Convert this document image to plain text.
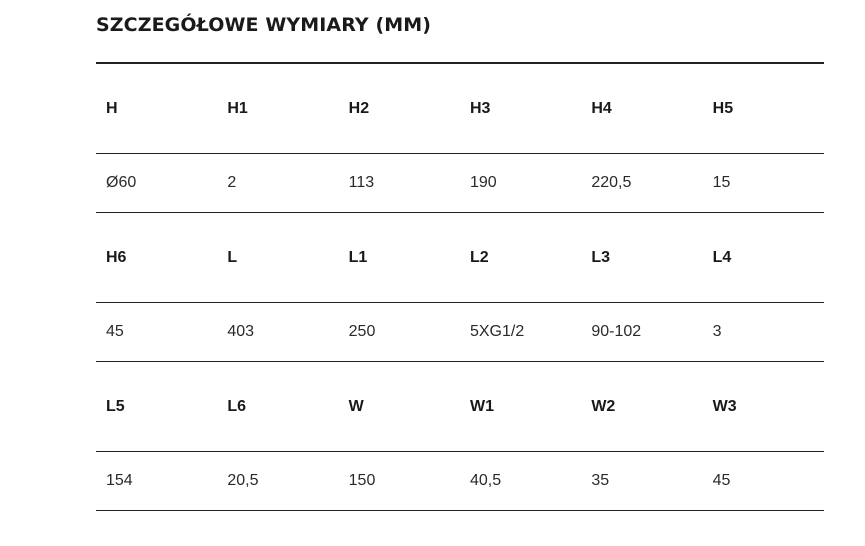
SZCZEGÓŁOWE WYMIARY (MM)
H	H1	H2	H3	H4	H5
Ø60	2	113	190	220,5	15
H6	L	L1	L2	L3	L4
45	403	250	5XG1/2	90-102	3
L5	L6	W	W1	W2	W3
154	20,5	150	40,5	35	45
